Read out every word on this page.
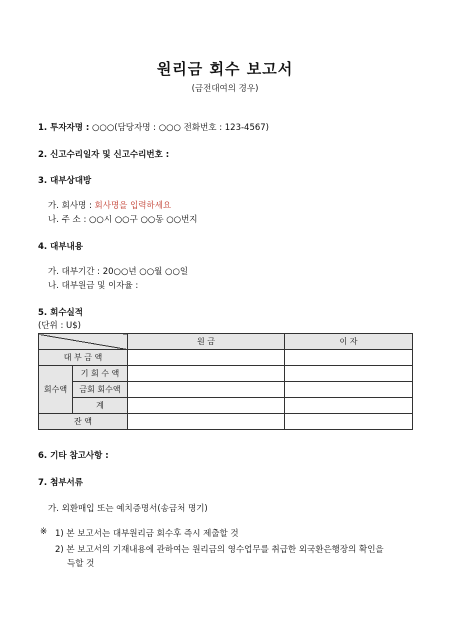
원리금 회수 보고서
(금전대여의 경우)
1. 투자자명 : ○○○(담당자명 : ○○○ 전화번호 : 123-4567)
2. 신고수리일자 및 신고수리번호 :
3. 대부상대방
가. 회사명 : 회사명을 입력하세요
나. 주 소 : ○○시 ○○구 ○○동 ○○번지
4. 대부내용
가. 대부기간 : 20○○년 ○○월 ○○일
나. 대부원금 및 이자율 :
5. 회수실적
(단위 : U$)
		원 금	이 자
대 부 금 액			
회수액	기 회 수 액		
	금회 회수액		
	계		
잔 액			
6. 기타 참고사항 :
7. 첨부서류
가. 외환매입 또는 예치증명서(송금처 명기)
※ 1) 본 보고서는 대부원리금 회수후 즉시 제출할 것
2) 본 보고서의 기재내용에 관하여는 원리금의 영수업무를 취급한 외국환은행장의 확인을
득할 것
